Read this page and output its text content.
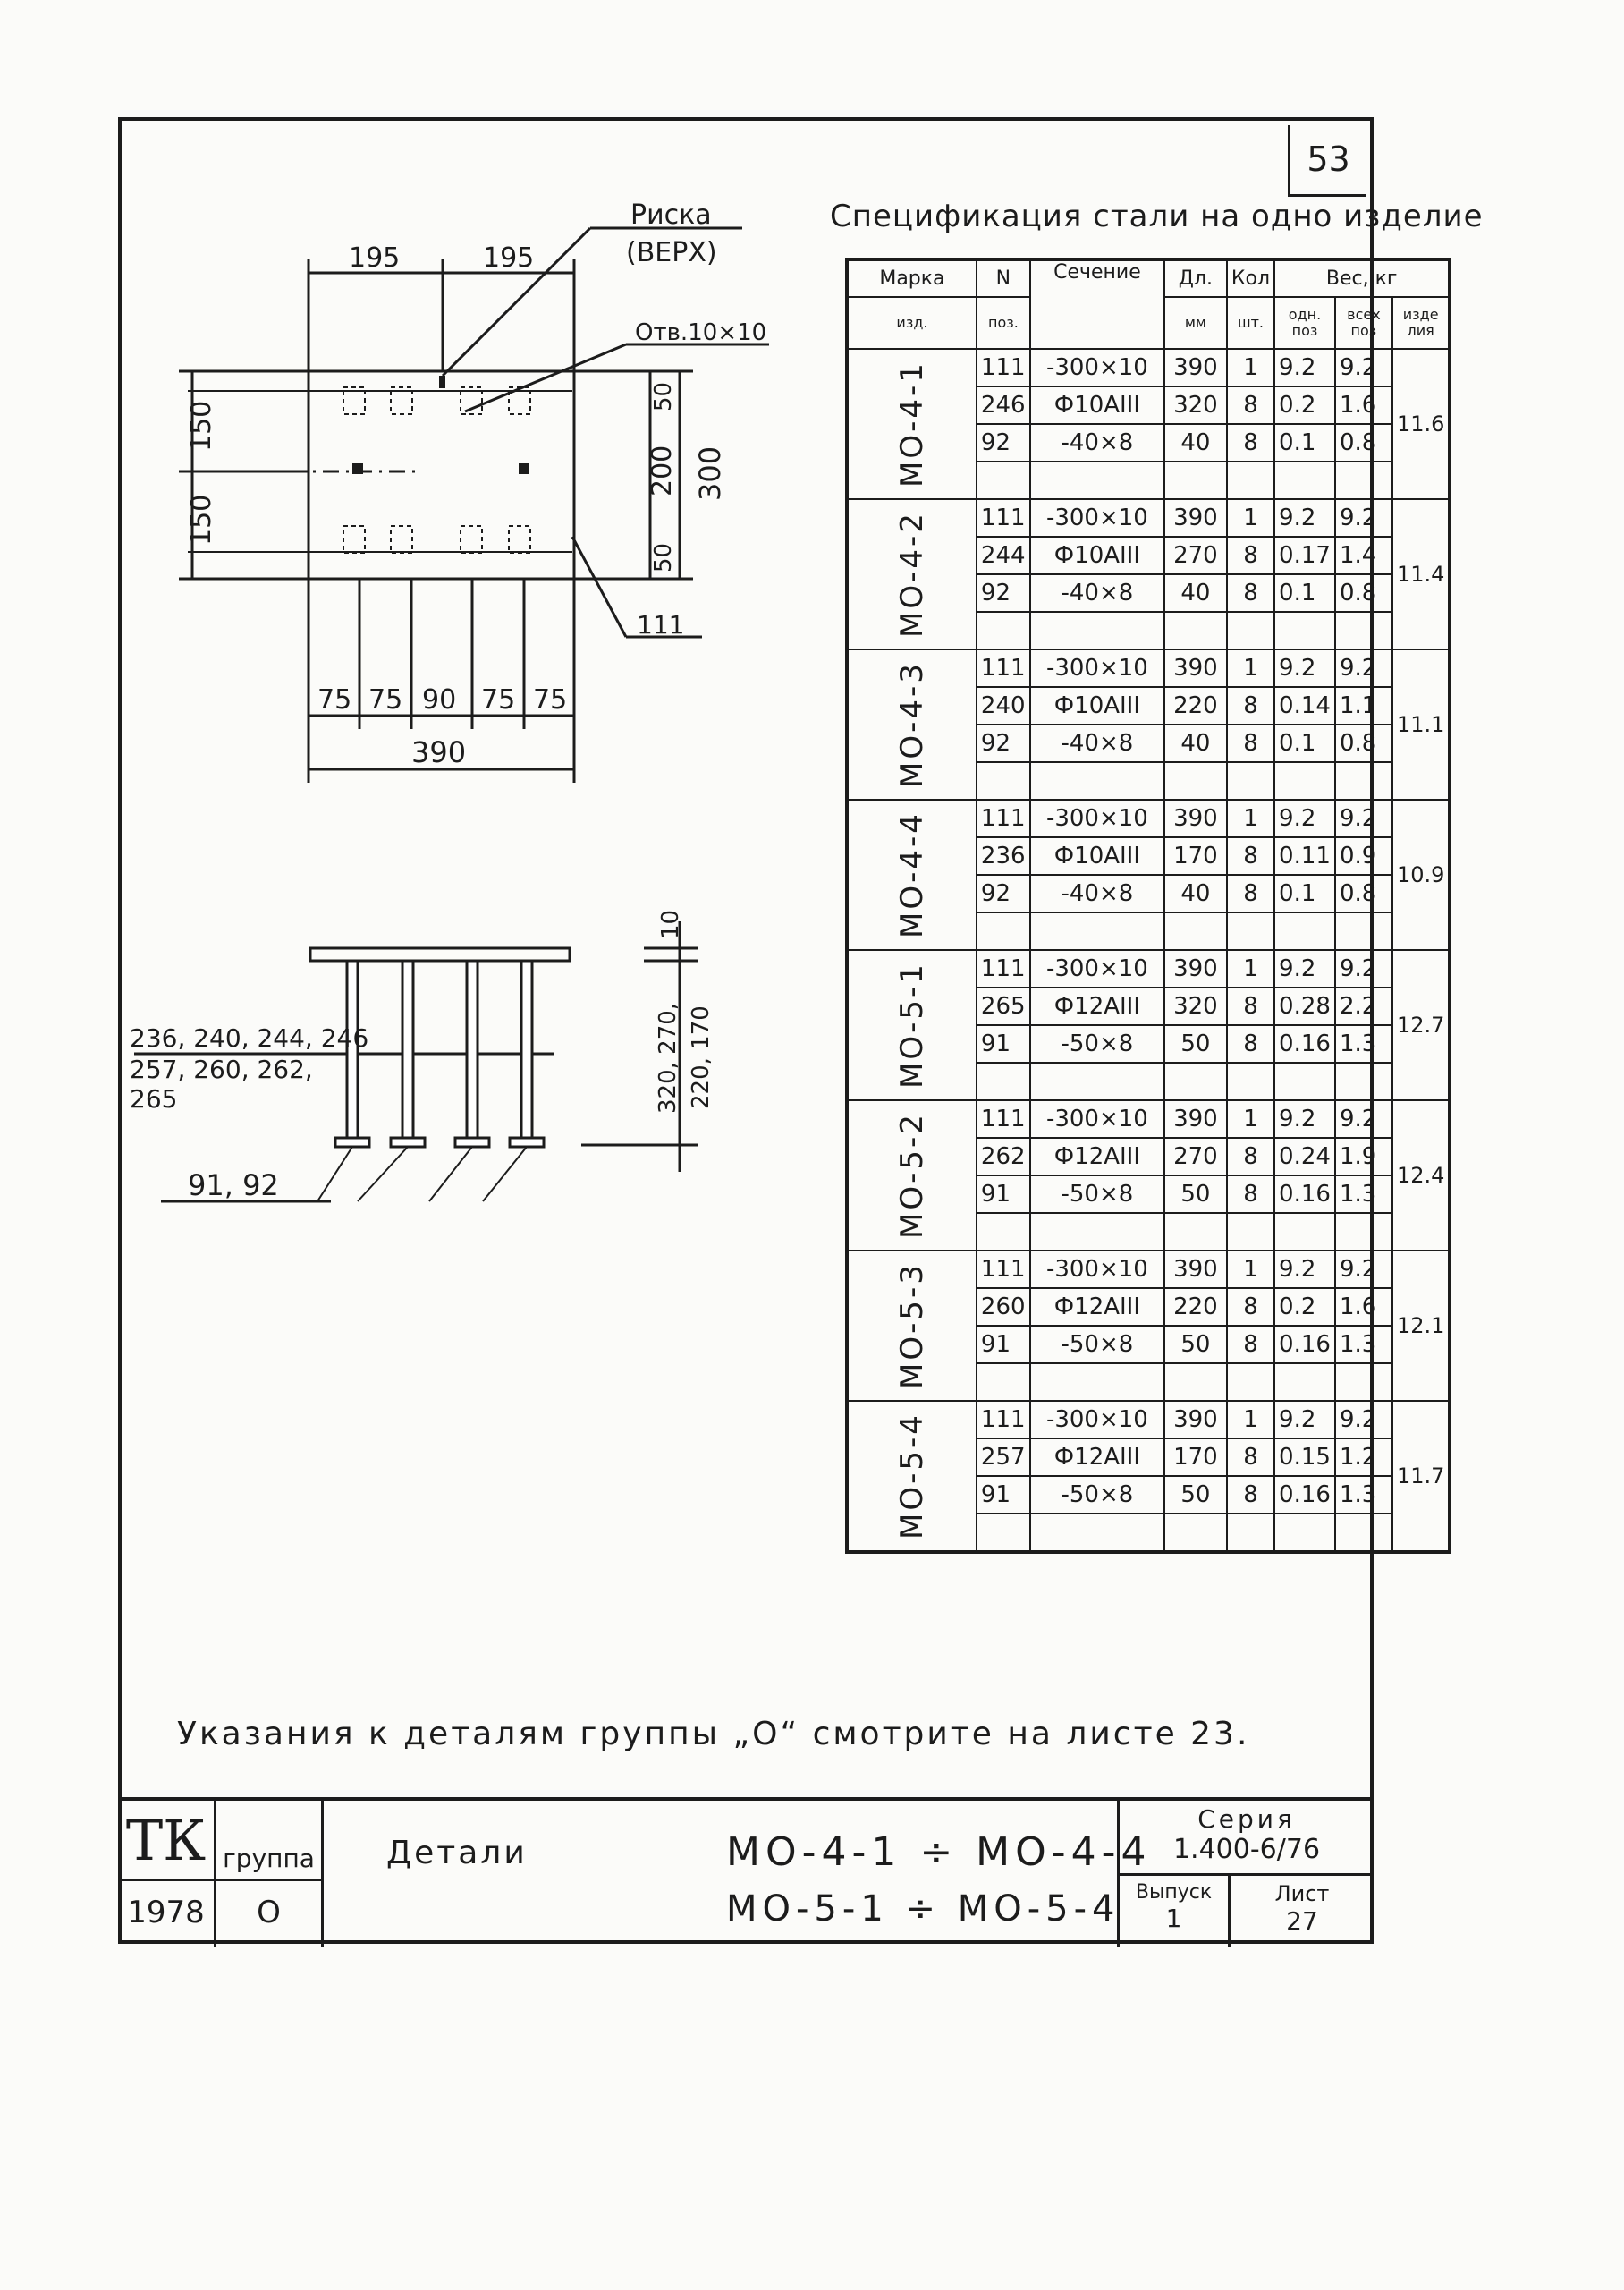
53
Риска
(ВЕРХ)
Отв.10×10
195	195
150
150
50
200
50
300
111
75 75 90 75 75
390
10
320, 270, 220, 170
236, 240, 244, 246
257, 260, 262,
265
91, 92
Спецификация стали на одно изделие
Марка	N	Сечение	Дл.	Кол	Вес, кг		
изд.	поз.		мм	шт.	одн. поз	всех поз	изде лия
МО-4-1	111	-300×10	390	1	9.2	9.2	11.6
	246	Ф10АIII	320	8	0.2	1.6	
	92	-40×8	40	8	0.1	0.8	

МО-4-2	111	-300×10	390	1	9.2	9.2	11.4
	244	Ф10АIII	270	8	0.17	1.4	
	92	-40×8	40	8	0.1	0.8	

МО-4-3	111	-300×10	390	1	9.2	9.2	11.1
	240	Ф10АIII	220	8	0.14	1.1	
	92	-40×8	40	8	0.1	0.8	

МО-4-4	111	-300×10	390	1	9.2	9.2	10.9
	236	Ф10АIII	170	8	0.11	0.9	
	92	-40×8	40	8	0.1	0.8	

МО-5-1	111	-300×10	390	1	9.2	9.2	12.7
	265	Ф12АIII	320	8	0.28	2.2	
	91	-50×8	50	8	0.16	1.3	

МО-5-2	111	-300×10	390	1	9.2	9.2	12.4
	262	Ф12АIII	270	8	0.24	1.9	
	91	-50×8	50	8	0.16	1.3	

МО-5-3	111	-300×10	390	1	9.2	9.2	12.1
	260	Ф12АIII	220	8	0.2	1.6	
	91	-50×8	50	8	0.16	1.3	

МО-5-4	111	-300×10	390	1	9.2	9.2	11.7
	257	Ф12АIII	170	8	0.15	1.2	
	91	-50×8	50	8	0.16	1.3	

Указания к деталям группы „О“ смотрите на листе 23.
ТК группа
1978	О
Детали	МО-4-1 ÷ МО-4-4
МО-5-1 ÷ МО-5-4
Серия
1.400-6/76
Выпуск
1
Лист
27
